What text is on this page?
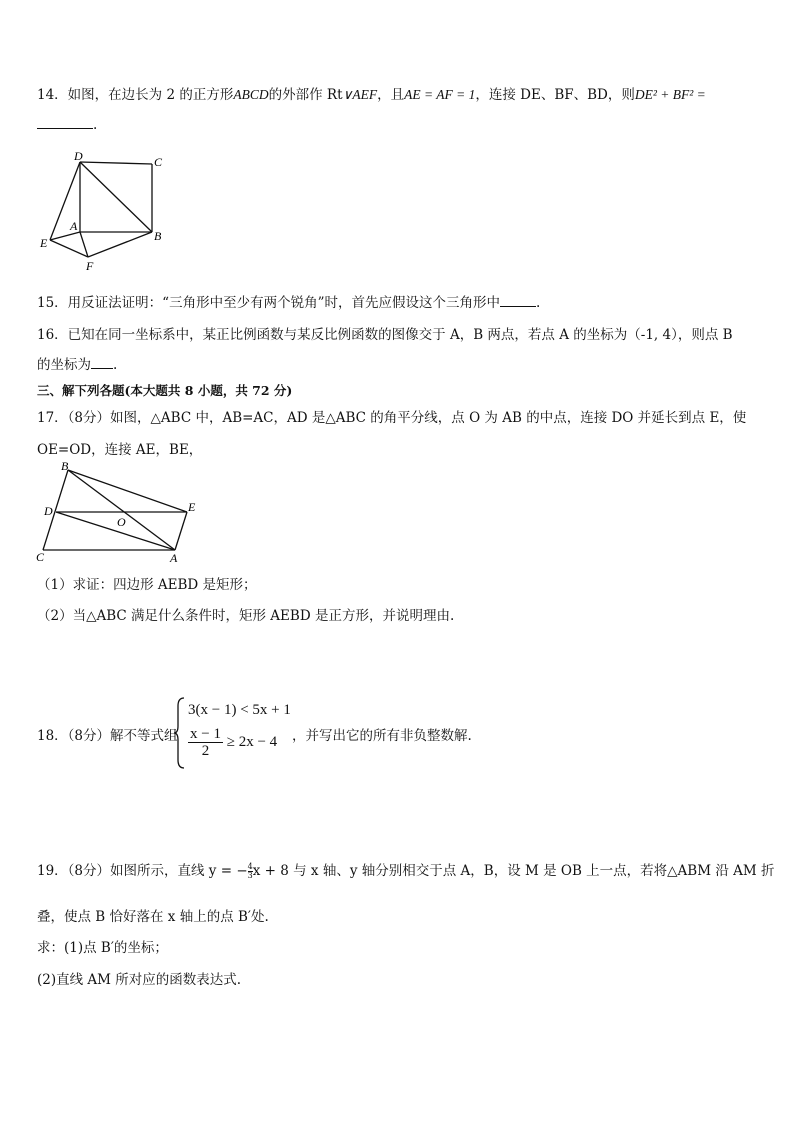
14．如图，在边长为 2 的正方形ABCD的外部作 Rt∨AEF，且AE = AF = 1，连接 DE、BF、BD，则DE² + BF² =
.
D	C
A
B
E
F
15．用反证法证明：“三角形中至少有两个锐角”时，首先应假设这个三角形中	.
16．已知在同一坐标系中，某正比例函数与某反比例函数的图像交于 A，B 两点，若点 A 的坐标为（-1, 4），则点 B
的坐标为 .
三、解下列各题(本大题共 8 小题，共 72 分)
17．（8分）如图，△ABC 中，AB=AC，AD 是△ABC 的角平分线，点 O 为 AB 的中点，连接 DO 并延长到点 E，使
OE=OD，连接 AE，BE，
B
E
D
O
C	A
（1）求证：四边形 AEBD 是矩形；
（2）当△ABC 满足什么条件时，矩形 AEBD 是正方形，并说明理由.
18．（8分）解不等式组
3(x − 1) < 5x + 1
$\frac{x - 1}{2} \ge 2x - 4$ ，并写出它的所有非负整数解.
19．（8分）如图所示，直线 y = − $\frac{4}{3}$ x + 8 与 x 轴、y 轴分别相交于点 A，B，设 M 是 OB 上一点，若将△ABM 沿 AM 折
叠，使点 B 恰好落在 x 轴上的点 B′处.
求：(1)点 B′的坐标；
(2)直线 AM 所对应的函数表达式.
